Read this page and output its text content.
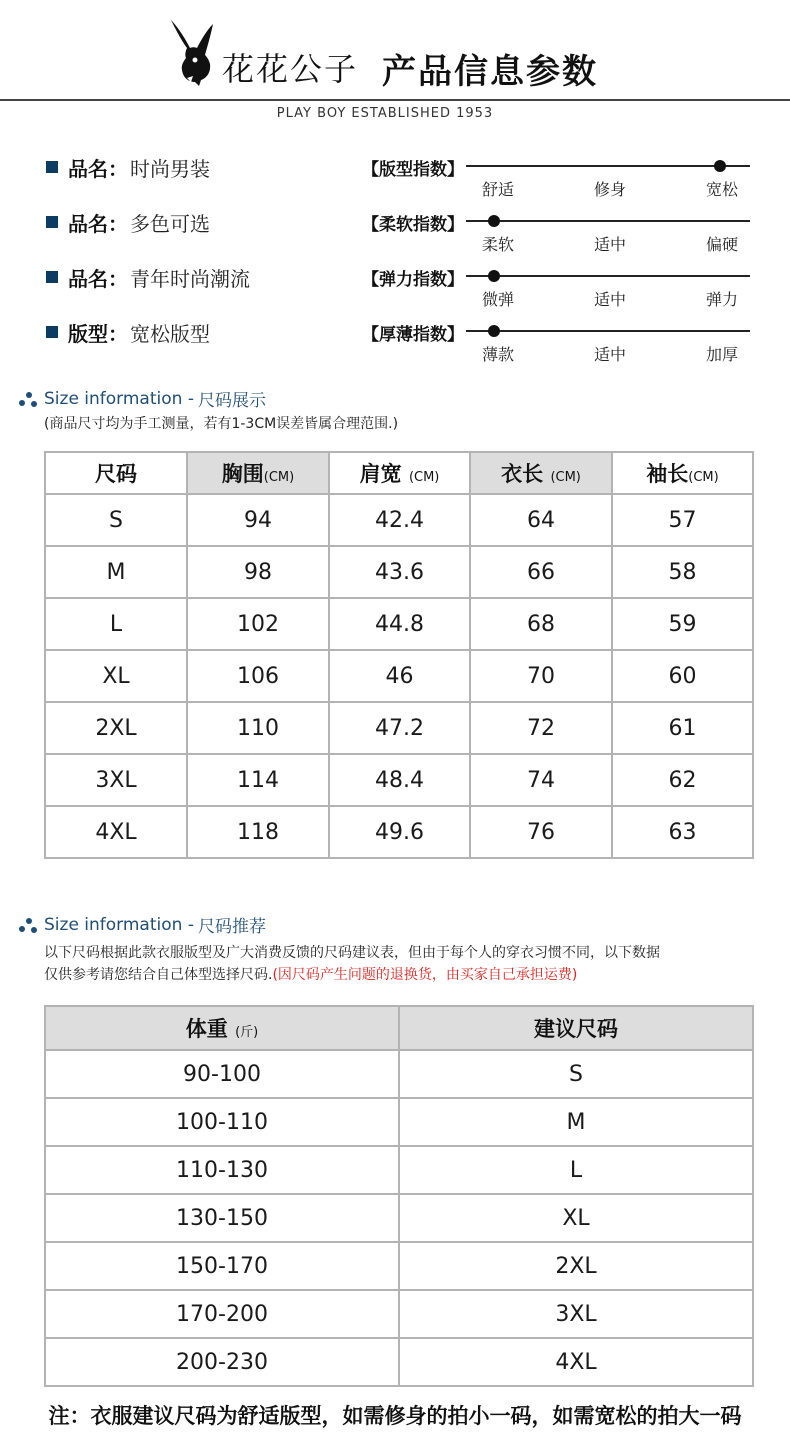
花花公子 产品信息参数
PLAY BOY ESTABLISHED 1953
品名： 时尚男装
品名： 多色可选
品名： 青年时尚潮流
版型： 宽松版型
【版型指数】
舒适	修身	宽松
【柔软指数】
柔软	适中	偏硬
【弹力指数】
微弹	适中	弹力
【厚薄指数】
薄款	适中	加厚
Size information - 尺码展示
(商品尺寸均为手工测量，若有1-3CM误差皆属合理范围.)
尺码	胸围(CM)	肩宽 (CM)	衣长 (CM)	袖长(CM)
S	94	42.4	64	57
M	98	43.6	66	58
L	102	44.8	68	59
XL	106	46	70	60
2XL	110	47.2	72	61
3XL	114	48.4	74	62
4XL	118	49.6	76	63
Size information - 尺码推荐
以下尺码根据此款衣服版型及广大消费反馈的尺码建议表，但由于每个人的穿衣习惯不同，以下数据
仅供参考请您结合自己体型选择尺码.(因尺码产生问题的退换货，由买家自己承担运费)
体重 (斤)	建议尺码
90-100	S
100-110	M
110-130	L
130-150	XL
150-170	2XL
170-200	3XL
200-230	4XL
注：衣服建议尺码为舒适版型，如需修身的拍小一码，如需宽松的拍大一码
